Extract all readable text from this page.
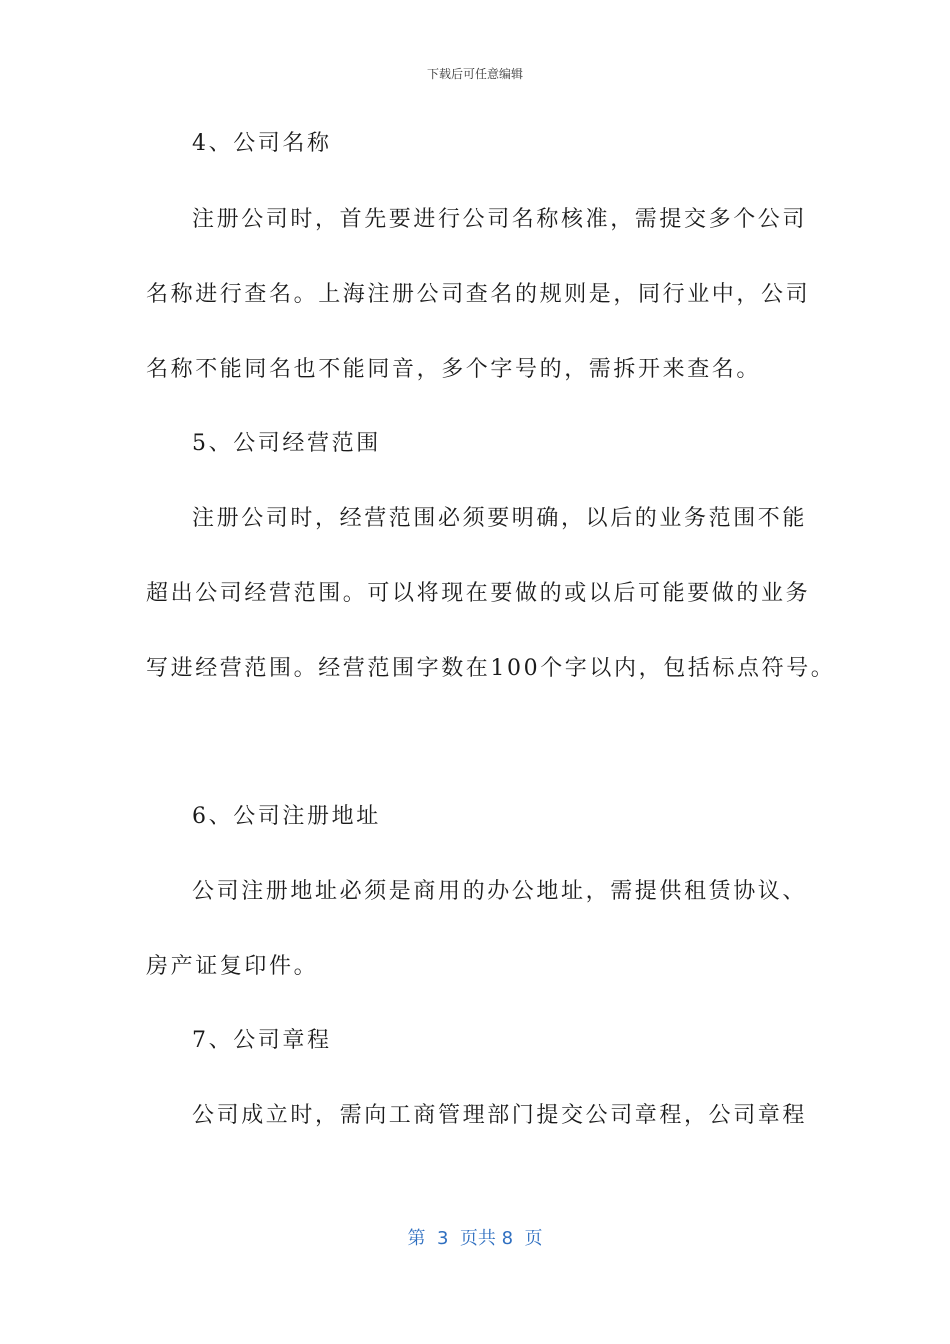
下载后可任意编辑
4、公司名称
注册公司时，首先要进行公司名称核准，需提交多个公司
名称进行查名。上海注册公司查名的规则是，同行业中，公司
名称不能同名也不能同音，多个字号的，需拆开来查名。
5、公司经营范围
注册公司时，经营范围必须要明确，以后的业务范围不能
超出公司经营范围。可以将现在要做的或以后可能要做的业务
写进经营范围。经营范围字数在100个字以内，包括标点符号。
6、公司注册地址
公司注册地址必须是商用的办公地址，需提供租赁协议、
房产证复印件。
7、公司章程
公司成立时，需向工商管理部门提交公司章程，公司章程
第  3  页共 8  页
